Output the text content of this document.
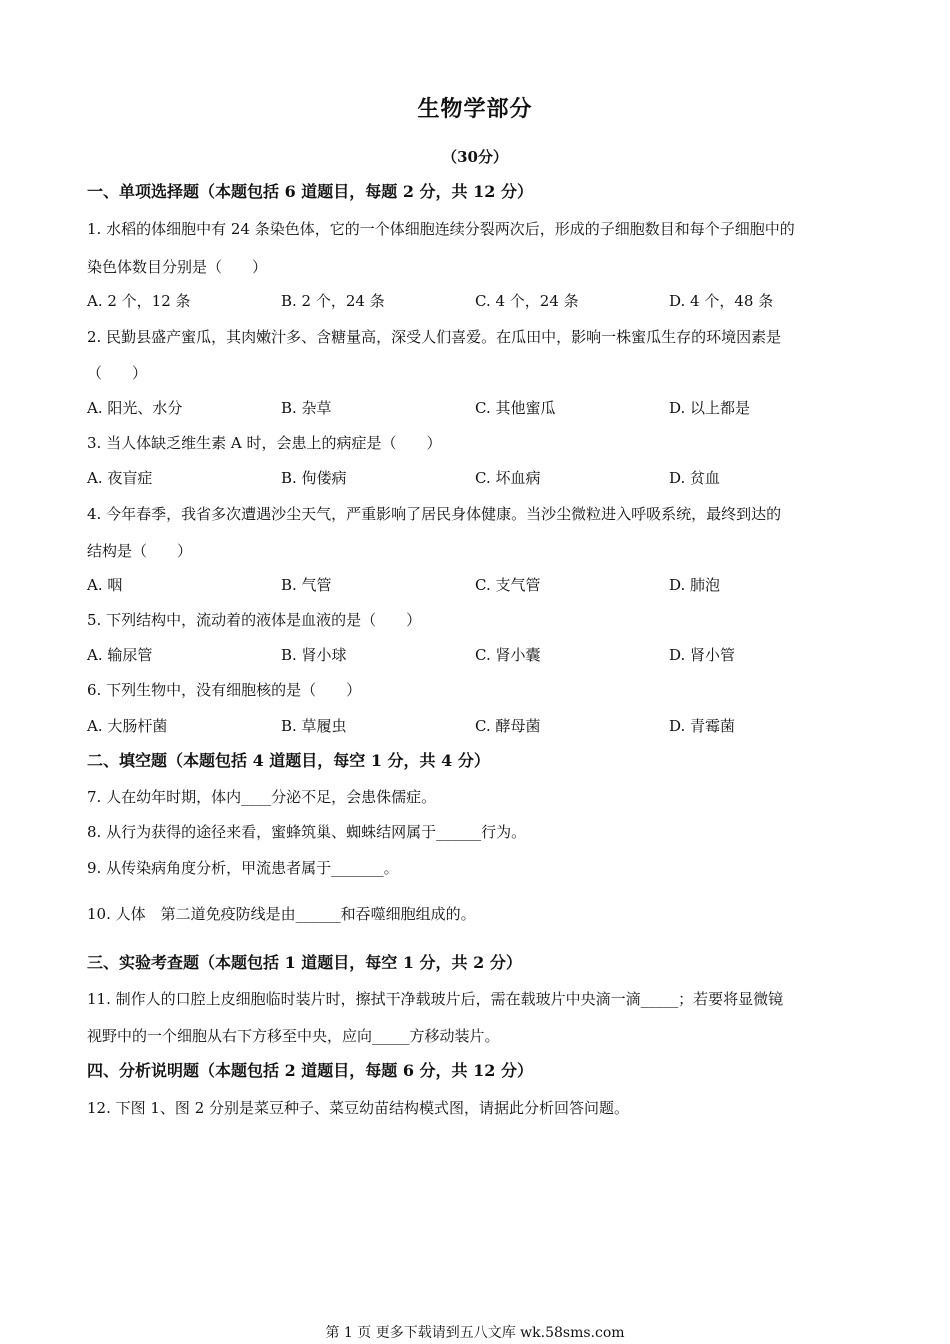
生物学部分
（30分）
一、单项选择题（本题包括 6 道题目，每题 2 分，共 12 分）
1. 水稻的体细胞中有 24 条染色体，它的一个体细胞连续分裂两次后，形成的子细胞数目和每个子细胞中的
染色体数目分别是（　　）
A. 2 个，12 条	B. 2 个，24 条	C. 4 个，24 条	D. 4 个，48 条
2. 民勤县盛产蜜瓜，其肉嫩汁多、含糖量高，深受人们喜爱。在瓜田中，影响一株蜜瓜生存的环境因素是
（　　）
A. 阳光、水分	B. 杂草	C. 其他蜜瓜	D. 以上都是
3. 当人体缺乏维生素 A 时，会患上的病症是（　　）
A. 夜盲症	B. 佝偻病	C. 坏血病	D. 贫血
4. 今年春季，我省多次遭遇沙尘天气，严重影响了居民身体健康。当沙尘微粒进入呼吸系统，最终到达的
结构是（　　）
A. 咽	B. 气管	C. 支气管	D. 肺泡
5. 下列结构中，流动着的液体是血液的是（　　）
A. 输尿管	B. 肾小球	C. 肾小囊	D. 肾小管
6. 下列生物中，没有细胞核的是（　　）
A. 大肠杆菌	B. 草履虫	C. 酵母菌	D. 青霉菌
二、填空题（本题包括 4 道题目，每空 1 分，共 4 分）
7. 人在幼年时期，体内____分泌不足，会患侏儒症。
8. 从行为获得的途径来看，蜜蜂筑巢、蜘蛛结网属于______行为。
9. 从传染病角度分析，甲流患者属于_______。
10. 人体　第二道免疫防线是由______和吞噬细胞组成的。
三、实验考查题（本题包括 1 道题目，每空 1 分，共 2 分）
11. 制作人的口腔上皮细胞临时装片时，擦拭干净载玻片后，需在载玻片中央滴一滴_____；若要将显微镜
视野中的一个细胞从右下方移至中央，应向_____方移动装片。
四、分析说明题（本题包括 2 道题目，每题 6 分，共 12 分）
12. 下图 1、图 2 分别是菜豆种子、菜豆幼苗结构模式图，请据此分析回答问题。
第 1 页 更多下载请到五八文库 wk.58sms.com
